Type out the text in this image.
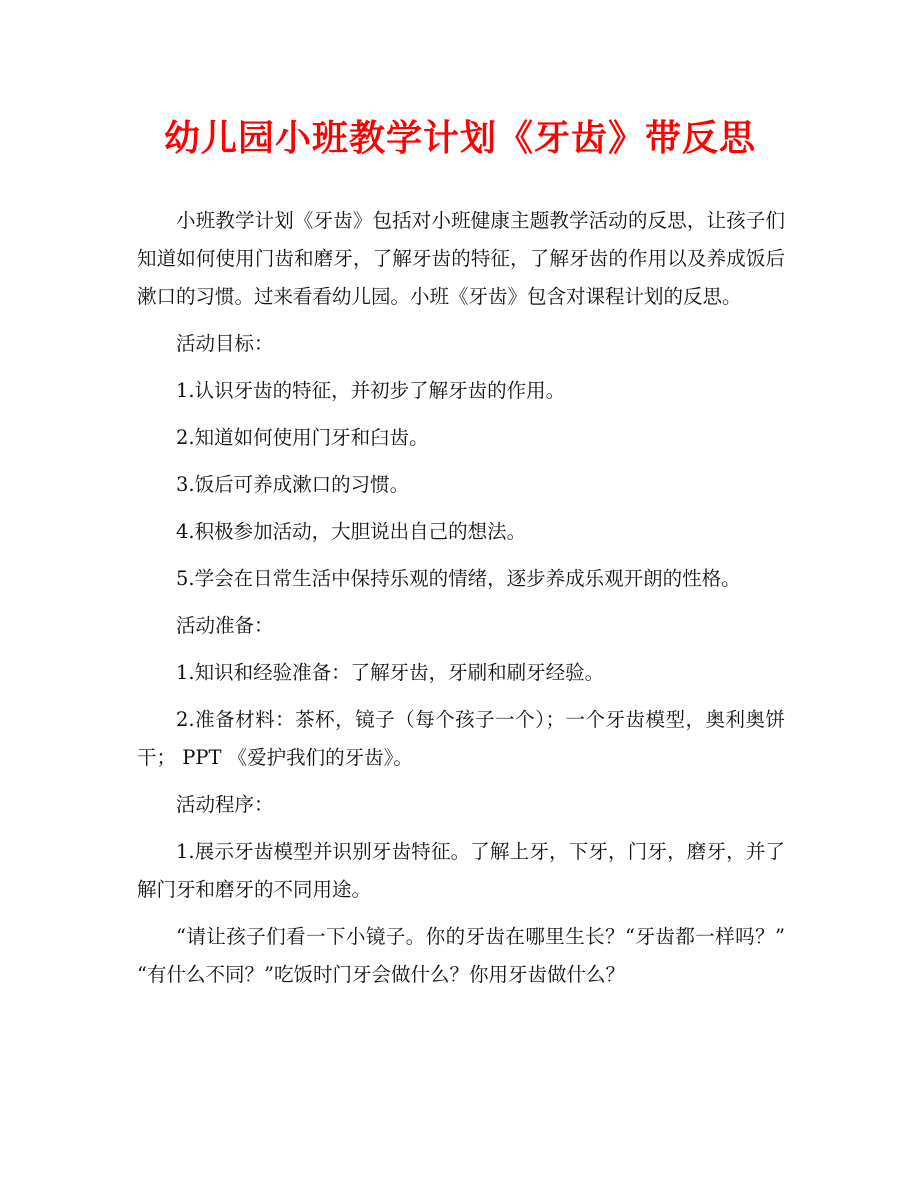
幼儿园小班教学计划《牙齿》带反思

小班教学计划《牙齿》包括对小班健康主题教学活动的反思，让孩子们知道如何使用门齿和磨牙，了解牙齿的特征，了解牙齿的作用以及养成饭后漱口的习惯。过来看看幼儿园。小班《牙齿》包含对课程计划的反思。

活动目标：

1.认识牙齿的特征，并初步了解牙齿的作用。

2.知道如何使用门牙和臼齿。

3.饭后可养成漱口的习惯。

4.积极参加活动，大胆说出自己的想法。

5.学会在日常生活中保持乐观的情绪，逐步养成乐观开朗的性格。

活动准备：

1.知识和经验准备：了解牙齿，牙刷和刷牙经验。

2.准备材料：茶杯，镜子（每个孩子一个）；一个牙齿模型，奥利奥饼干； PPT 《爱护我们的牙齿》。

活动程序：

1.展示牙齿模型并识别牙齿特征。了解上牙，下牙，门牙，磨牙，并了解门牙和磨牙的不同用途。

“请让孩子们看一下小镜子。你的牙齿在哪里生长？“牙齿都一样吗？” “有什么不同？”吃饭时门牙会做什么？你用牙齿做什么？
